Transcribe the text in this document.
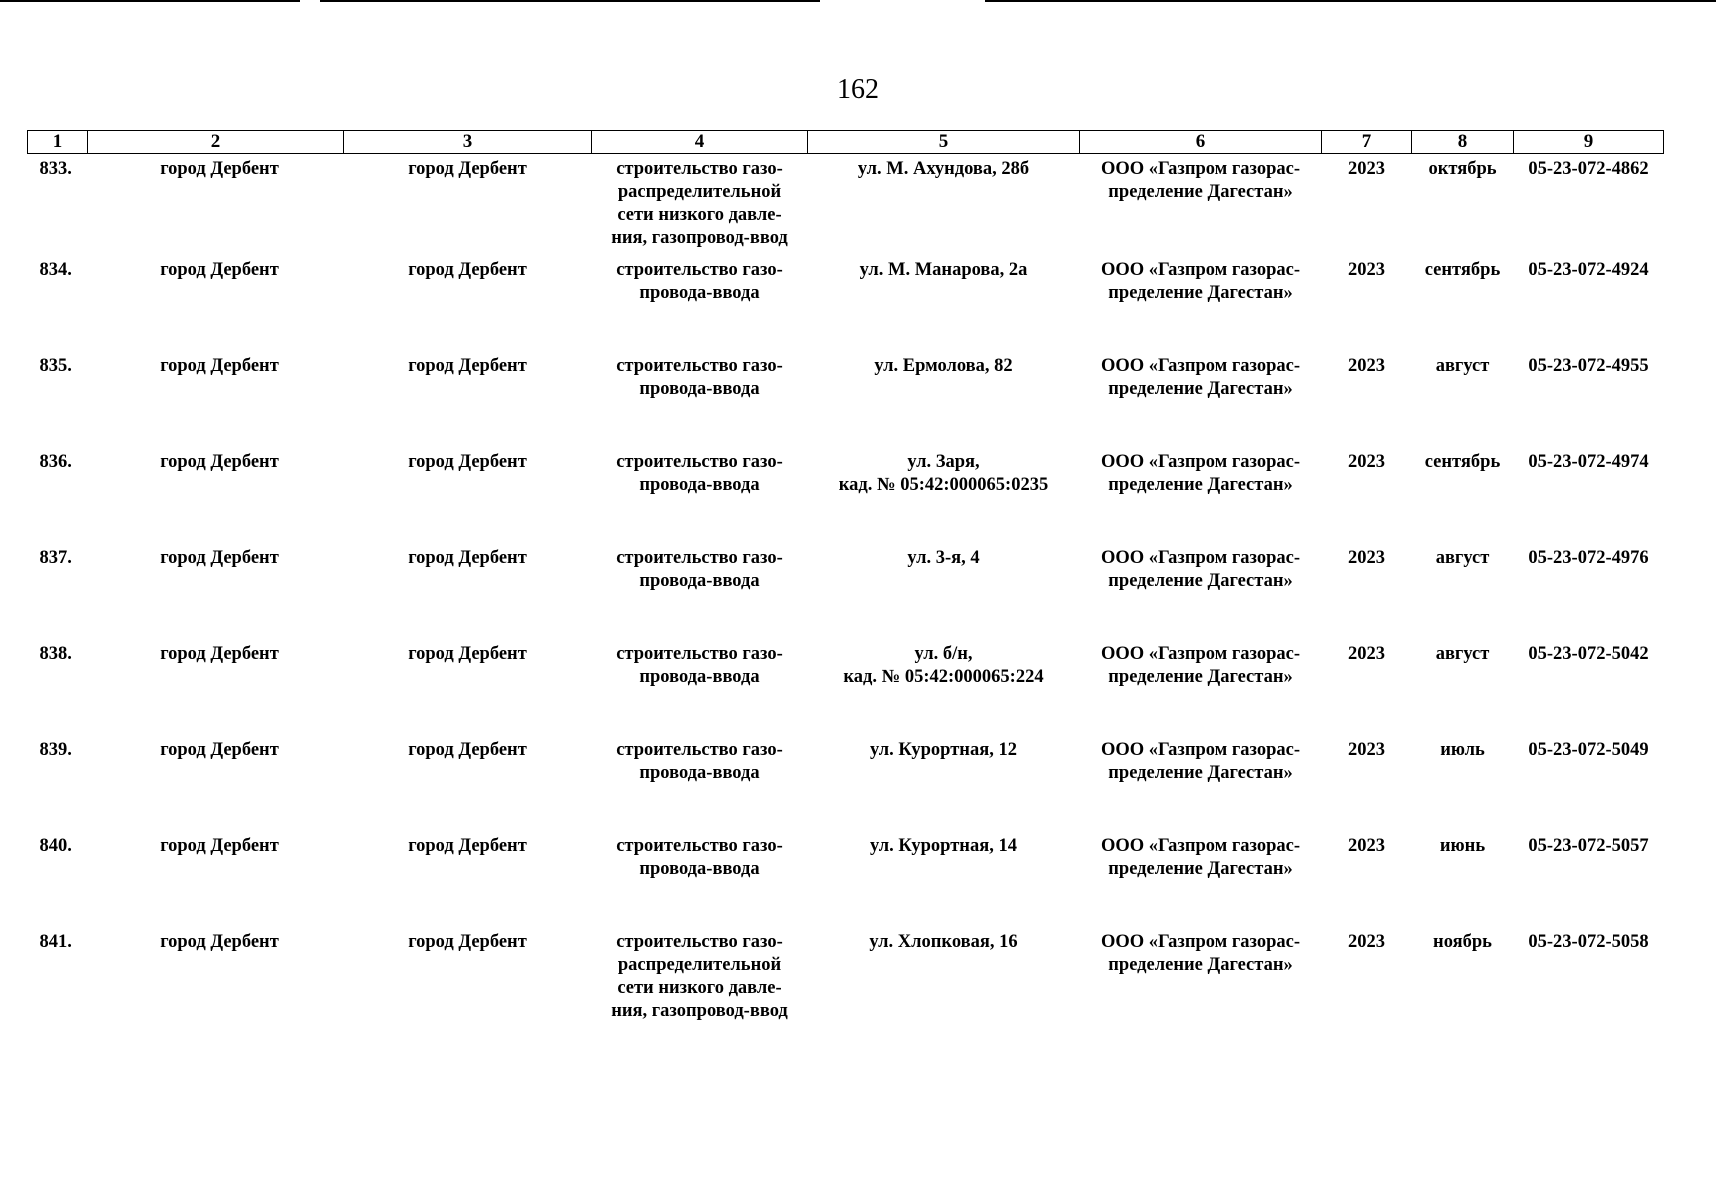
162
1	2	3	4	5	6	7	8	9
833.	город Дербент	город Дербент	строительство газо-
распределительной
сети низкого давле-
ния, газопровод-ввод	ул. М. Ахундова, 28б	ООО «Газпром газорас-
пределение Дагестан»	2023	октябрь	05-23-072-4862
834.	город Дербент	город Дербент	строительство газо-
провода-ввода	ул. М. Манарова, 2а	ООО «Газпром газорас-
пределение Дагестан»	2023	сентябрь	05-23-072-4924
835.	город Дербент	город Дербент	строительство газо-
провода-ввода	ул. Ермолова, 82	ООО «Газпром газорас-
пределение Дагестан»	2023	август	05-23-072-4955
836.	город Дербент	город Дербент	строительство газо-
провода-ввода	ул. Заря,
кад. № 05:42:000065:0235	ООО «Газпром газорас-
пределение Дагестан»	2023	сентябрь	05-23-072-4974
837.	город Дербент	город Дербент	строительство газо-
провода-ввода	ул. 3-я, 4	ООО «Газпром газорас-
пределение Дагестан»	2023	август	05-23-072-4976
838.	город Дербент	город Дербент	строительство газо-
провода-ввода	ул. б/н,
кад. № 05:42:000065:224	ООО «Газпром газорас-
пределение Дагестан»	2023	август	05-23-072-5042
839.	город Дербент	город Дербент	строительство газо-
провода-ввода	ул. Курортная, 12	ООО «Газпром газорас-
пределение Дагестан»	2023	июль	05-23-072-5049
840.	город Дербент	город Дербент	строительство газо-
провода-ввода	ул. Курортная, 14	ООО «Газпром газорас-
пределение Дагестан»	2023	июнь	05-23-072-5057
841.	город Дербент	город Дербент	строительство газо-
распределительной
сети низкого давле-
ния, газопровод-ввод	ул. Хлопковая, 16	ООО «Газпром газорас-
пределение Дагестан»	2023	ноябрь	05-23-072-5058
